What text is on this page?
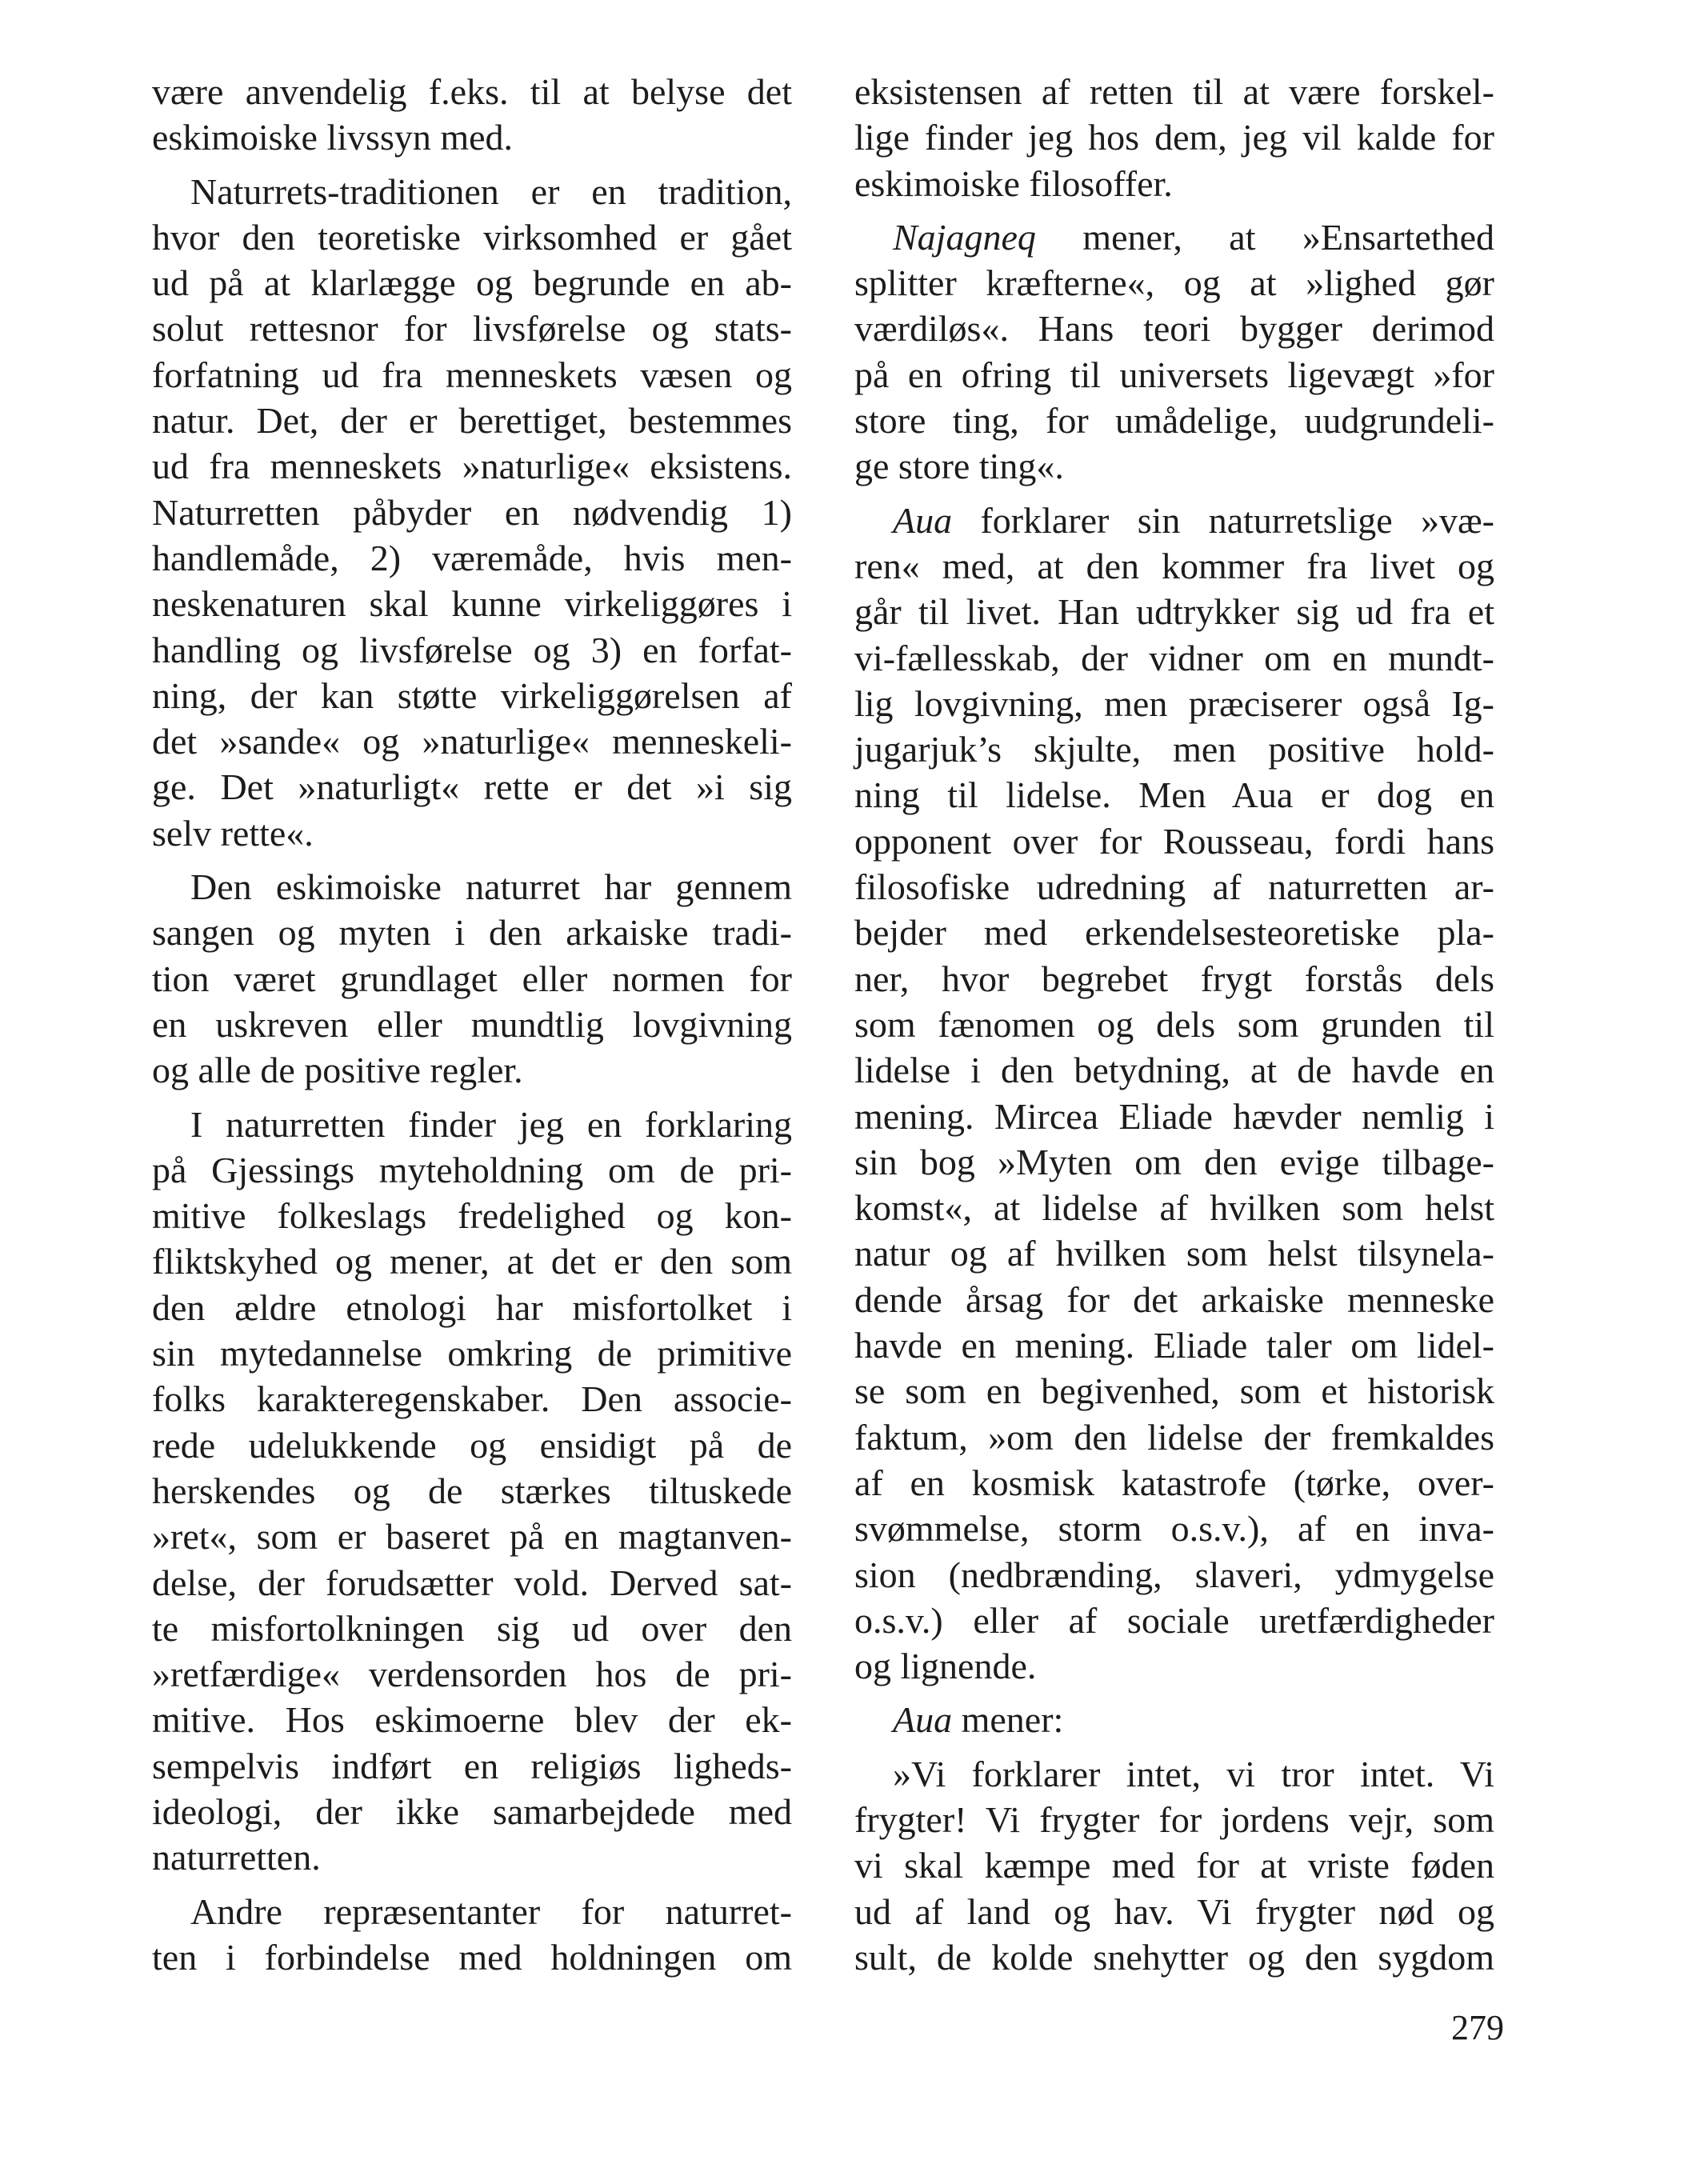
være anvendelig f.eks. til at belyse det
eskimoiske livssyn med.
Naturrets-traditionen er en tradition,
hvor den teoretiske virksomhed er gået
ud på at klarlægge og begrunde en ab-
solut rettesnor for livsførelse og stats-
forfatning ud fra menneskets væsen og
natur. Det, der er berettiget, bestemmes
ud fra menneskets »naturlige« eksistens.
Naturretten påbyder en nødvendig 1)
handlemåde, 2) væremåde, hvis men-
neskenaturen skal kunne virkeliggøres i
handling og livsførelse og 3) en forfat-
ning, der kan støtte virkeliggørelsen af
det »sande« og »naturlige« menneskeli-
ge. Det »naturligt« rette er det »i sig
selv rette«.
Den eskimoiske naturret har gennem
sangen og myten i den arkaiske tradi-
tion været grundlaget eller normen for
en uskreven eller mundtlig lovgivning
og alle de positive regler.
I naturretten finder jeg en forklaring
på Gjessings myteholdning om de pri-
mitive folkeslags fredelighed og kon-
fliktskyhed og mener, at det er den som
den ældre etnologi har misfortolket i
sin mytedannelse omkring de primitive
folks karakteregenskaber. Den associe-
rede udelukkende og ensidigt på de
herskendes og de stærkes tiltuskede
»ret«, som er baseret på en magtanven-
delse, der forudsætter vold. Derved sat-
te misfortolkningen sig ud over den
»retfærdige« verdensorden hos de pri-
mitive. Hos eskimoerne blev der ek-
sempelvis indført en religiøs ligheds-
ideologi, der ikke samarbejdede med
naturretten.
Andre repræsentanter for naturret-
ten i forbindelse med holdningen om
eksistensen af retten til at være forskel-
lige finder jeg hos dem, jeg vil kalde for
eskimoiske filosoffer.
Najagneq mener, at »Ensartethed
splitter kræfterne«, og at »lighed gør
værdiløs«. Hans teori bygger derimod
på en ofring til universets ligevægt »for
store ting, for umådelige, uudgrundeli-
ge store ting«.
Aua forklarer sin naturretslige »væ-
ren« med, at den kommer fra livet og
går til livet. Han udtrykker sig ud fra et
vi-fællesskab, der vidner om en mundt-
lig lovgivning, men præciserer også Ig-
jugarjuk’s skjulte, men positive hold-
ning til lidelse. Men Aua er dog en
opponent over for Rousseau, fordi hans
filosofiske udredning af naturretten ar-
bejder med erkendelsesteoretiske pla-
ner, hvor begrebet frygt forstås dels
som fænomen og dels som grunden til
lidelse i den betydning, at de havde en
mening. Mircea Eliade hævder nemlig i
sin bog »Myten om den evige tilbage-
komst«, at lidelse af hvilken som helst
natur og af hvilken som helst tilsynela-
dende årsag for det arkaiske menneske
havde en mening. Eliade taler om lidel-
se som en begivenhed, som et historisk
faktum, »om den lidelse der fremkaldes
af en kosmisk katastrofe (tørke, over-
svømmelse, storm o.s.v.), af en inva-
sion (nedbrænding, slaveri, ydmygelse
o.s.v.) eller af sociale uretfærdigheder
og lignende.
Aua mener:
»Vi forklarer intet, vi tror intet. Vi
frygter! Vi frygter for jordens vejr, som
vi skal kæmpe med for at vriste føden
ud af land og hav. Vi frygter nød og
sult, de kolde snehytter og den sygdom
279
